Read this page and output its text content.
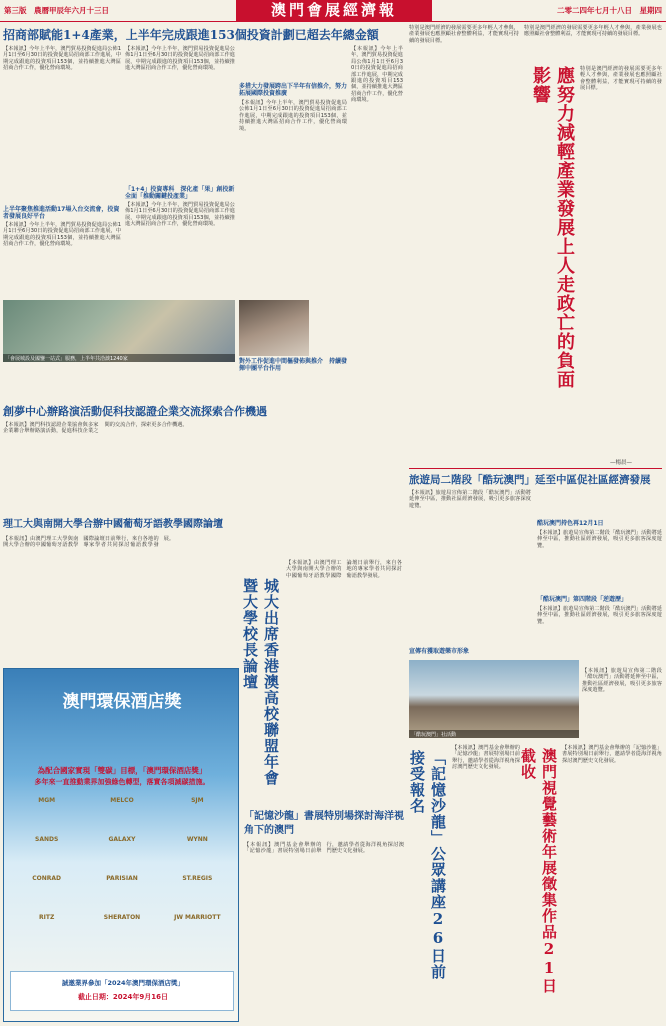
第三版　農曆甲辰年六月十三日	澳門會展經濟報	二零二四年七月十八日　星期四
招商部賦能1+4產業，上半年完成跟進153個投資計劃已超去年總金額
【本報訊】今年上半年，澳門貿易投資促進局公佈1月1日至6月30日的投資促進局招商部工作進展，中期完成跟進的投資項目153個，並持續推進大灣區招商合作工作，優化營商環境。
上半年聚焦推進活動17場入台交流會，投資者發展良好平台
【本報訊】今年上半年，澳門貿易投資促進局公佈1月1日至6月30日的投資促進局招商部工作進展，中期完成跟進的投資項目153個，並持續推進大灣區招商合作工作，優化營商環境。
【本報訊】今年上半年，澳門貿易投資促進局公佈1月1日至6月30日的投資促進局招商部工作進展，中期完成跟進的投資項目153個，並持續推進大灣區招商合作工作，優化營商環境。
「1+4」投資專科　深化產「果」創投新全面「推動關鍵投產業」
【本報訊】今年上半年，澳門貿易投資促進局公佈1月1日至6月30日的投資促進局招商部工作進展，中期完成跟進的投資項目153個，並持續推進大灣區招商合作工作，優化營商環境。
多措大力發展跨出下半年有信推介，努力拓展國際投資推廣
【本報訊】今年上半年，澳門貿易投資促進局公佈1月1日至6月30日的投資促進局招商部工作進展，中期完成跟進的投資項目153個，並持續推進大灣區招商合作工作，優化營商環境。
對外工作促進中間樞發佈與推介　持續發揮中團平台作用
「會展城設及國鑒一站式」服務，上半年共洽談1240家
【本報訊】今年上半年，澳門貿易投資促進局公佈1月1日至6月30日的投資促進局招商部工作進展，中期完成跟進的投資項目153個，並持續推進大灣區招商合作工作，優化營商環境。
創夢中心辦路演活動促科技認證企業交流探索合作機遇
【本報訊】澳門科技認證企業協會與多家企業聯合舉辦路演活動，促進科技企業之間的交流合作，探索更多合作機遇。
理工大與南開大學合辦中國葡萄牙語教學國際論壇
【本報訊】由澳門理工大學與南開大學合辦的中國葡萄牙語教學國際論壇日前舉行，來自各地的專家學者共同探討葡語教學發展。
城大出席香港澳高校聯盟年會暨大學校長論壇
【本報訊】由澳門理工大學與南開大學合辦的中國葡萄牙語教學國際論壇日前舉行，來自各地的專家學者共同探討葡語教學發展。
澳門環保酒店獎
為配合國家實現「雙碳」目標，「澳門環保酒店獎」
多年來一直推動業界加強綠色轉型，落實各項減碳措施。
MGM	MELCO	SJM
SANDS	GALAXY	WYNN
CONRAD	PARISIAN	ST.REGIS
RITZ	SHERATON	JW MARRIOTT
誠邀業界參加「2024年澳門環保酒店獎」
截止日期：2024年9月16日
「記憶沙龍」書展特別場探討海洋視角下的澳門
【本報訊】澳門基金會舉辦的「記憶沙龍」書展特別場日前舉行，邀請學者從海洋視角探討澳門歷史文化發展。
特別是澳門經濟的發展需要更多年輕人才參與，產業發展也應照顧社會整體利益，才能實現可持續的發展目標。
特別是澳門經濟的發展需要更多年輕人才參與，產業發展也應照顧社會整體利益，才能實現可持續的發展目標。
應努力減輕產業發展上人走政亡的負面影響	特別是澳門經濟的發展需要更多年輕人才參與，產業發展也應照顧社會整體利益，才能實現可持續的發展目標。
—楊晨—
旅遊局二階段「酷玩澳門」延至中區促社區經濟發展
【本報訊】旅遊局宣佈第二階段「酷玩澳門」活動將延伸至中區，推動社區經濟發展，吸引更多旅客深度遊覽。
宣傳有獲取遊樂市形象
酷玩澳門持色再12月1日
【本報訊】旅遊局宣佈第二階段「酷玩澳門」活動將延伸至中區，推動社區經濟發展，吸引更多旅客深度遊覽。
「酷玩澳門」第四階段「逆遊歷」
【本報訊】旅遊局宣佈第二階段「酷玩澳門」活動將延伸至中區，推動社區經濟發展，吸引更多旅客深度遊覽。
「酷玩澳門」社活動
【本報訊】旅遊局宣佈第二階段「酷玩澳門」活動將延伸至中區，推動社區經濟發展，吸引更多旅客深度遊覽。
「記憶沙龍」公眾講座26日前接受報名
【本報訊】澳門基金會舉辦的「記憶沙龍」書展特別場日前舉行，邀請學者從海洋視角探討澳門歷史文化發展。	澳門視覺藝術年展徵集作品21日截收	【本報訊】澳門基金會舉辦的「記憶沙龍」書展特別場日前舉行，邀請學者從海洋視角探討澳門歷史文化發展。
